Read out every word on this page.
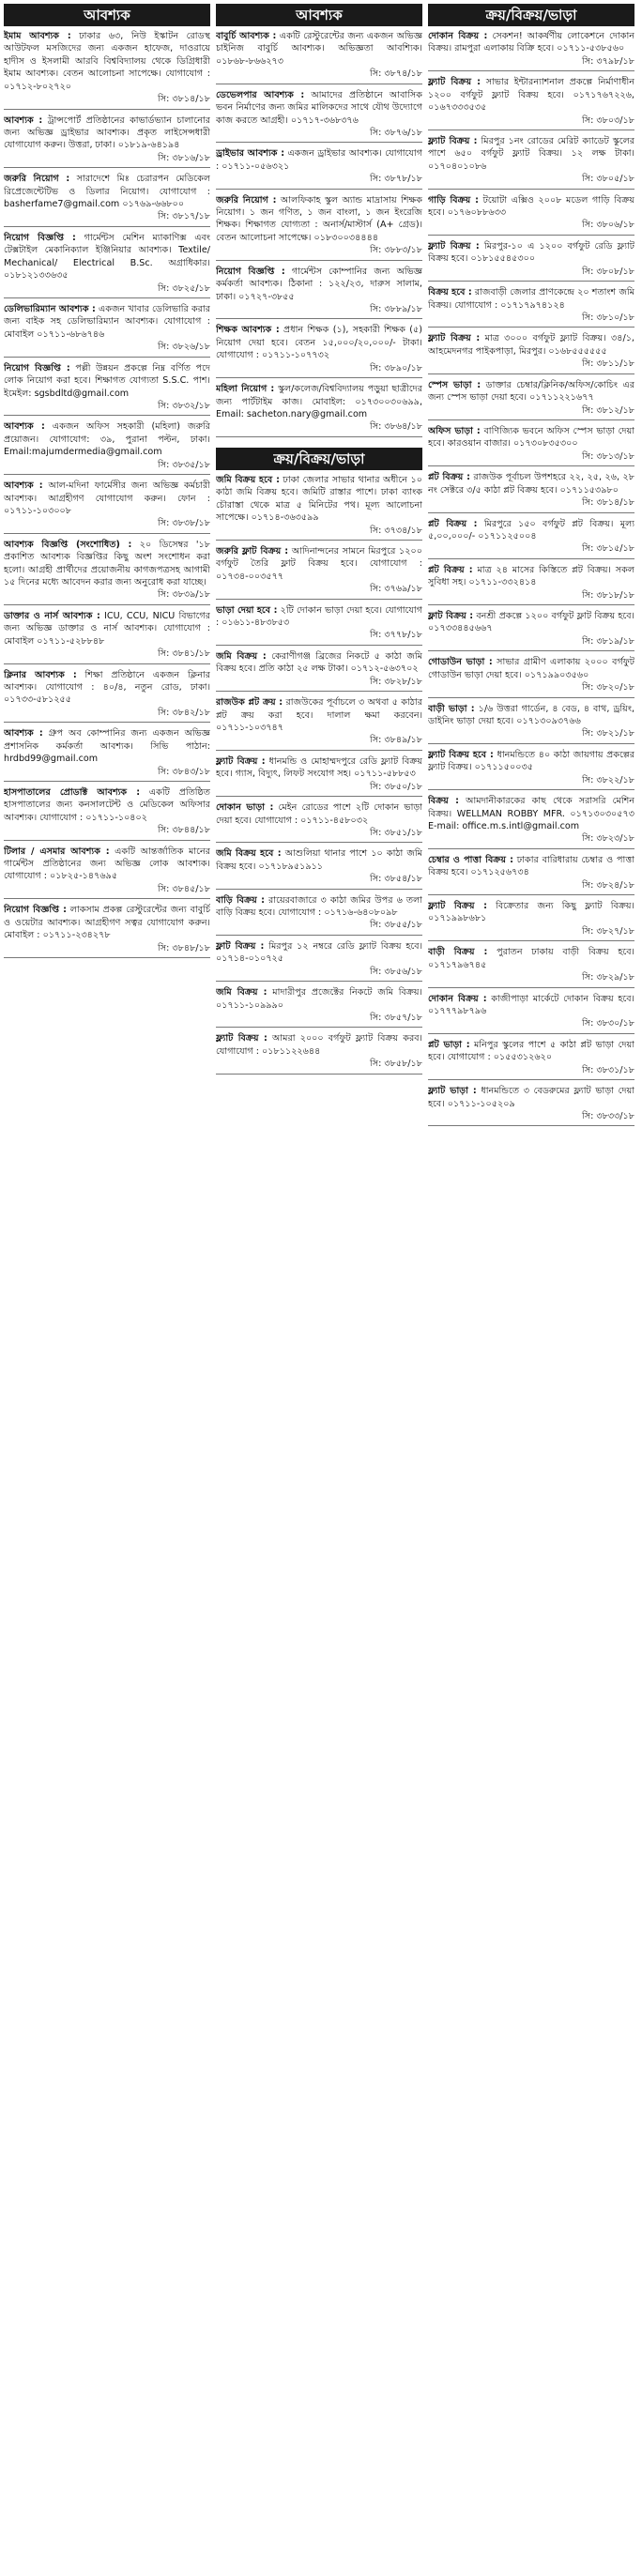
আবশ্যক

ইমাম আবশ্যক : ঢাকার ৬৩, নিউ ইস্কাটন রোডস্থ আউটফল মসজিদের জন্য একজন হাফেজ, দাওরায়ে হাদীস ও ইসলামী আরবি বিশ্ববিদ্যালয় থেকে ডিগ্রিধারী ইমাম আবশ্যক। বেতন আলোচনা সাপেক্ষে। যোগাযোগ : ০১৭১২-৮০২৭২০

সি: ৩৮১৪/১৮

আবশ্যক : ট্রান্সপোর্ট প্রতিষ্ঠানের কাভার্ডভ্যান চালানোর জন্য অভিজ্ঞ ড্রাইভার আবশ্যক। প্রকৃত লাইসেন্সধারী যোগাযোগ করুন। উত্তরা, ঢাকা। ০১৮১৯-৬৪১৯৪

সি: ৩৮১৬/১৮

জরুরি নিয়োগ : সারাদেশে মিঃ চেরারপন মেডিকেল রিপ্রেজেন্টেটিভ ও ডিলার নিয়োগ। যোগাযোগ : basherfame7@gmail.com ০১৭৬৯-৬৬৮০০

সি: ৩৮১৭/১৮

নিয়োগ বিজ্ঞপ্তি : গার্মেন্টস মেশিন ম্যাকাণিক্স এবং টেক্সটাইল মেকানিক্যাল ইঞ্জিনিয়ার আবশ্যক। Textile/ Mechanical/ Electrical B.Sc. অগ্রাধিকার। ০১৮১২১৩৩৬৩৫

সি: ৩৮২৫/১৮

ডেলিভারিম্যান আবশ্যক : একজন খাবার ডেলিভারি করার জন্য বাইক সহ ডেলিভারিম্যান আবশ্যক। যোগাযোগ : মোবাইল ০১৭১১-৬৮৬৭৪৬

সি: ৩৮২৬/১৮

নিয়োগ বিজ্ঞপ্তি : পল্লী উন্নয়ন প্রকল্পে নিম্ন বর্ণিত পদে লোক নিয়োগ করা হবে। শিক্ষাগত যোগ্যতা S.S.C. পাশ। ইমেইল: sgsbdltd@gmail.com

সি: ৩৮৩২/১৮

আবশ্যক : একজন অফিস সহকারী (মহিলা) জরুরি প্রয়োজন। যোগাযোগ: ৩৯, পুরানা পল্টন, ঢাকা। Email:majumdermedia@gmail.com

সি: ৩৮৩৫/১৮

আবশ্যক : আল-মদিনা ফার্মেসীর জন্য অভিজ্ঞ কর্মচারী আবশ্যক। আগ্রহীগণ যোগাযোগ করুন। ফোন : ০১৭১১-১০৩০০৮

সি: ৩৮৩৮/১৮

আবশ্যক বিজ্ঞপ্তি (সংশোধিত) : ২০ ডিসেম্বর '১৮ প্রকাশিত আবশ্যক বিজ্ঞপ্তির কিছু অংশ সংশোধন করা হলো। আগ্রহী প্রার্থীদের প্রয়োজনীয় কাগজপত্রসহ আগামী ১৫ দিনের মধ্যে আবেদন করার জন্য অনুরোধ করা যাচ্ছে।

সি: ৩৮৩৯/১৮

ডাক্তার ও নার্স আবশ্যক : ICU, CCU, NICU বিভাগের জন্য অভিজ্ঞ ডাক্তার ও নার্স আবশ্যক। যোগাযোগ : মোবাইল ০১৭১১-৫২৮৮৪৮

সি: ৩৮৪১/১৮

ক্লিনার আবশ্যক : শিক্ষা প্রতিষ্ঠানে একজন ক্লিনার আবশ্যক। যোগাযোগ : ৪০/৪, নতুন রোড, ঢাকা। ০১৭৩৩-৫৮১২৫৫

সি: ৩৮৪২/১৮

আবশ্যক : গ্রুপ অব কোম্পানির জন্য একজন অভিজ্ঞ প্রশাসনিক কর্মকর্তা আবশ্যক। সিভি পাঠান: hrdbd99@gmail.com

সি: ৩৮৪৩/১৮

হাসপাতালের প্রোডাক্ট আবশ্যক : একটি প্রতিষ্ঠিত হাসপাতালের জন্য কনসালটেন্ট ও মেডিকেল অফিসার আবশ্যক। যোগাযোগ : ০১৭১১-১০৪০২

সি: ৩৮৪৪/১৮

টিলার / এসমার আবশ্যক : একটি আন্তর্জাতিক মানের গার্মেন্টস প্রতিষ্ঠানের জন্য অভিজ্ঞ লোক আবশ্যক। যোগাযোগ : ০১৮২৫-১৪৭৬৯৫

সি: ৩৮৪৫/১৮

নিয়োগ বিজ্ঞপ্তি : লাকসাম প্রকল্প রেস্টুরেন্টের জন্য বাবুর্চি ও ওয়েটার আবশ্যক। আগ্রহীগণ সত্বর যোগাযোগ করুন। মোবাইল : ০১৭১১-২৩৪২৭৮

সি: ৩৮৪৮/১৮
আবশ্যক

বাবুর্চি আবশ্যক : একটি রেস্টুরেন্টের জন্য একজন অভিজ্ঞ চাইনিজ বাবুর্চি আবশ্যক। অভিজ্ঞতা আবশ্যিক। ০১৮৬৮-৮৬৬২৭৩

সি: ৩৮৭৪/১৮

ডেভেলপার আবশ্যক : আমাদের প্রতিষ্ঠানে আবাসিক ভবন নির্মাণের জন্য জমির মালিকদের সাথে যৌথ উদ্যোগে কাজ করতে আগ্রহী। ০১৭১৭-৩৬৮৩৭৬

সি: ৩৮৭৬/১৮

ড্রাইভার আবশ্যক : একজন ড্রাইভার আবশ্যক। যোগাযোগ : ০১৭১১-০৫৬৩২১

সি: ৩৮৭৮/১৮

জরুরি নিয়োগ : আলফিকাহ স্কুল অ্যান্ড মাদ্রাসায় শিক্ষক নিয়োগ। ১ জন গণিত, ১ জন বাংলা, ১ জন ইংরেজি শিক্ষক। শিক্ষাগত যোগ্যতা : অনার্স/মাস্টার্স (A+ গ্রেড)। বেতন আলোচনা সাপেক্ষে। ০১৮৩০০৩৪৪৪৪

সি: ৩৮৮৩/১৮

নিয়োগ বিজ্ঞপ্তি : গার্মেন্টস কোম্পানির জন্য অভিজ্ঞ কর্মকর্তা আবশ্যক। ঠিকানা : ১২২/২৩, দারুস সালাম, ঢাকা। ০১৭২৭-৩৮৫৫

সি: ৩৮৮৯/১৮

শিক্ষক আবশ্যক : প্রধান শিক্ষক (১), সহকারী শিক্ষক (৫) নিয়োগ দেয়া হবে। বেতন ১৫,০০০/২০,০০০/- টাকা। যোগাযোগ : ০১৭১১-১০৭৭৩২

সি: ৩৮৯০/১৮

মহিলা নিয়োগ : স্কুল/কলেজ/বিশ্ববিদ্যালয় পড়ুয়া ছাত্রীদের জন্য পার্টটাইম কাজ। মোবাইল: ০১৭৩০০৩০৬৯৯, Email: sacheton.nary@gmail.com

সি: ৩৮৬৪/১৮
ক্রয়/বিক্রয়/ভাড়া

জমি বিক্রয় হবে : ঢাকা জেলার সাভার থানার অধীনে ১০ কাঠা জমি বিক্রয় হবে। জমিটি রাস্তার পাশে। ঢাকা ব্যাংক চৌরাস্তা থেকে মাত্র ৫ মিনিটের পথ। মূল্য আলোচনা সাপেক্ষে। ০১৭১৪-৩৬৩৫৯৯

সি: ৩৭৩৪/১৮

জরুরি ফ্লাট বিক্রয় : আদিনান্দনের সামনে মিরপুরে ১২০০ বর্গফুট তৈরি ফ্লাট বিক্রয় হবে। যোগাযোগ : ০১৭৩৪-০০৩৫৭৭

সি: ৩৭৬৯/১৮

ভাড়া দেয়া হবে : ২টি দোকান ভাড়া দেয়া হবে। যোগাযোগ : ০১৬১১-৪৮৩৮৫৩

সি: ৩৭৭৮/১৮

জমি বিক্রয় : কেরাণীগঞ্জ ব্রিজের নিকটে ৫ কাঠা জমি বিক্রয় হবে। প্রতি কাঠা ২৫ লক্ষ টাকা। ০১৭১২-৫৬৩৭০২

সি: ৩৮২৮/১৮

রাজউক প্লট ক্রয় : রাজউকের পূর্বাচলে ৩ অথবা ৫ কাঠার প্লট ক্রয় করা হবে। দালাল ক্ষমা করবেন। ০১৭১১-১০৩৭৪৭

সি: ৩৮৪৯/১৮

ফ্ল্যাট বিক্রয় : ধানমন্ডি ও মোহাম্মদপুরে রেডি ফ্ল্যাট বিক্রয় হবে। গ্যাস, বিদ্যুৎ, লিফট সংযোগ সহ। ০১৭১১-৫৮৮৫৩

সি: ৩৮৫০/১৮

দোকান ভাড়া : মেইন রোডের পাশে ২টি দোকান ভাড়া দেয়া হবে। যোগাযোগ : ০১৭১১-৪৫৮০৩২

সি: ৩৮৫১/১৮

জমি বিক্রয় হবে : আশুলিয়া থানার পাশে ১০ কাঠা জমি বিক্রয় হবে। ০১৭১৮৯৫১৯১১

সি: ৩৮৫৪/১৮

বাড়ি বিক্রয় : রায়েরবাজারে ৩ কাঠা জমির উপর ৬ তলা বাড়ি বিক্রয় হবে। যোগাযোগ : ০১৭১৬-৬৪০৮০৯৮

সি: ৩৮৫৫/১৮

ফ্লাট বিক্রয় : মিরপুর ১২ নম্বরে রেডি ফ্ল্যাট বিক্রয় হবে। ০১৭১৪-০১০৭২৫

সি: ৩৮৫৬/১৮

জমি বিক্রয় : মাদারীপুর প্রজেক্টের নিকটে জমি বিক্রয়। ০১৭১১-১০৯৯৯০

সি: ৩৮৫৭/১৮

ফ্ল্যাট বিক্রয় : আমরা ২০০০ বর্গফুট ফ্ল্যাট বিক্রয় করব। যোগাযোগ : ০১৮১১২২৬৪৪

সি: ৩৮৫৮/১৮
ক্রয়/বিক্রয়/ভাড়া

দোকান বিক্রয় : সেকশন! আকর্ষণীয় লোকেশনে দোকান বিক্রয়। রামপুরা এলাকায় বিক্রি হবে। ০১৭১১-৫৩৮৫৬০

সি: ৩৭৯৮/১৮

ফ্ল্যাট বিক্রয় : সাভার ইন্টারন্যাশনাল প্রকল্পে নির্মাণাধীন ১২০০ বর্গফুট ফ্ল্যাট বিক্রয় হবে। ০১৭১৭৬৭২২৬, ০১৬৭৩৩৩৫৩৫

সি: ৩৮০৩/১৮

ফ্ল্যাট বিক্রয় : মিরপুর ১নং রোডের মেরিট ক্যাডেট স্কুলের পাশে ৬৫০ বর্গফুট ফ্ল্যাট বিক্রয়। ১২ লক্ষ টাকা। ০১৭০৪০১০৮৬

সি: ৩৮০৫/১৮

গাড়ি বিক্রয় : টয়োটা এক্সিও ২০০৮ মডেল গাড়ি বিক্রয় হবে। ০১৭৬০৮৮৬৩৩

সি: ৩৮০৬/১৮

ফ্ল্যাট বিক্রয় : মিরপুর-১০ এ ১২০০ বর্গফুট রেডি ফ্ল্যাট বিক্রয় হবে। ০১৮১৫৫৪৫৩০০

সি: ৩৮০৮/১৮

বিক্রয় হবে : রাজবাড়ী জেলার প্রাণকেন্দ্রে ২০ শতাংশ জমি বিক্রয়। যোগাযোগ : ০১৭১৭৯৭৪১২৪

সি: ৩৮১০/১৮

ফ্ল্যাট বিক্রয় : মাত্র ৩০০০ বর্গফুট ফ্ল্যাট বিক্রয়। ৩৪/১, আহমেদনগর পাইকপাড়া, মিরপুর। ০১৬৮৫৫৫৫৫৫

সি: ৩৮১১/১৮

স্পেস ভাড়া : ডাক্তার চেম্বার/ক্লিনিক/অফিস/কোচিং এর জন্য স্পেস ভাড়া দেয়া হবে। ০১৭১১২২১৬৭৭

সি: ৩৮১২/১৮

অফিস ভাড়া : বাণিজ্যিক ভবনে অফিস স্পেস ভাড়া দেয়া হবে। কারওয়ান বাজার। ০১৭৩০৮৩৫৩০০

সি: ৩৮১৩/১৮

প্লট বিক্রয় : রাজউক পূর্বাচল উপশহরে ২২, ২৫, ২৬, ২৮ নং সেক্টরে ৩/৫ কাঠা প্লট বিক্রয় হবে। ০১৭১১৫৩৯৮০

সি: ৩৮১৪/১৮

প্লট বিক্রয় : মিরপুরে ১৫০ বর্গফুট প্লট বিক্রয়। মূল্য ৫,০০,০০০/- ০১৭১১২৫০০৪

সি: ৩৮১৫/১৮

প্লট বিক্রয় : মাত্র ২৪ মাসের কিস্তিতে প্লট বিক্রয়। সকল সুবিধা সহ। ০১৭১১-৩৩২৪১৪

সি: ৩৮১৮/১৮

ফ্লাট বিক্রয় : বনশ্রী প্রকল্পে ১২০০ বর্গফুট ফ্লাট বিক্রয় হবে। ০১৭৩৩৪৪৫৬৬৭

সি: ৩৮১৯/১৮

গোডাউন ভাড়া : সাভার গ্রামীণ এলাকায় ২০০০ বর্গফুট গোডাউন ভাড়া দেয়া হবে। ০১৭১৯৯০৩৫৬০

সি: ৩৮২০/১৮

বাড়ী ভাড়া : ১/৬ উত্তরা গার্ডেন, ৪ বেড, ৪ বাথ, ড্রয়িং, ডাইনিং ভাড়া দেয়া হবে। ০১৭১৩০৯৩৭৬৬

সি: ৩৮২১/১৮

ফ্ল্যাট বিক্রয় হবে : ধানমন্ডিতে ৪০ কাঠা জায়গায় প্রকল্পের ফ্ল্যাট বিক্রয়। ০১৭১১৫০০৩৫

সি: ৩৮২২/১৮

বিক্রয় : আমদানীকারকের কাছ থেকে সরাসরি মেশিন বিক্রয়। WELLMAN ROBBY MFR. ০১৭১৩০৩০৫৭৩ E-mail: office.m.s.intl@gmail.com

সি: ৩৮২৩/১৮

চেম্বার ও পাত্তা বিক্রয় : ঢাকার বারিধারায় চেম্বার ও পাত্তা বিক্রয় হবে। ০১৭১২৫৬৭৩৪

সি: ৩৮২৪/১৮

ফ্ল্যাট বিক্রয় : বিক্রেতার জন্য কিছু ফ্ল্যাট বিক্রয়। ০১৭১৯৯৮৬৮১

সি: ৩৮২৭/১৮

বাড়ী বিক্রয় : পুরাতন ঢাকায় বাড়ী বিক্রয় হবে। ০১৭১৭৯৬৭৪৫

সি: ৩৮২৯/১৮

দোকান বিক্রয় : কাজীপাড়া মার্কেটে দোকান বিক্রয় হবে। ০১৭৭৭৯৮৭৯৬

সি: ৩৮৩০/১৮

প্লট ভাড়া : মনিপুর স্কুলের পাশে ৫ কাঠা প্লট ভাড়া দেয়া হবে। যোগাযোগ : ০১৫৫৩১২৬২০

সি: ৩৮৩১/১৮

ফ্ল্যাট ভাড়া : ধানমন্ডিতে ৩ বেডরুমের ফ্ল্যাট ভাড়া দেয়া হবে। ০১৭১১-১০৫২০৯

সি: ৩৮৩৩/১৮
